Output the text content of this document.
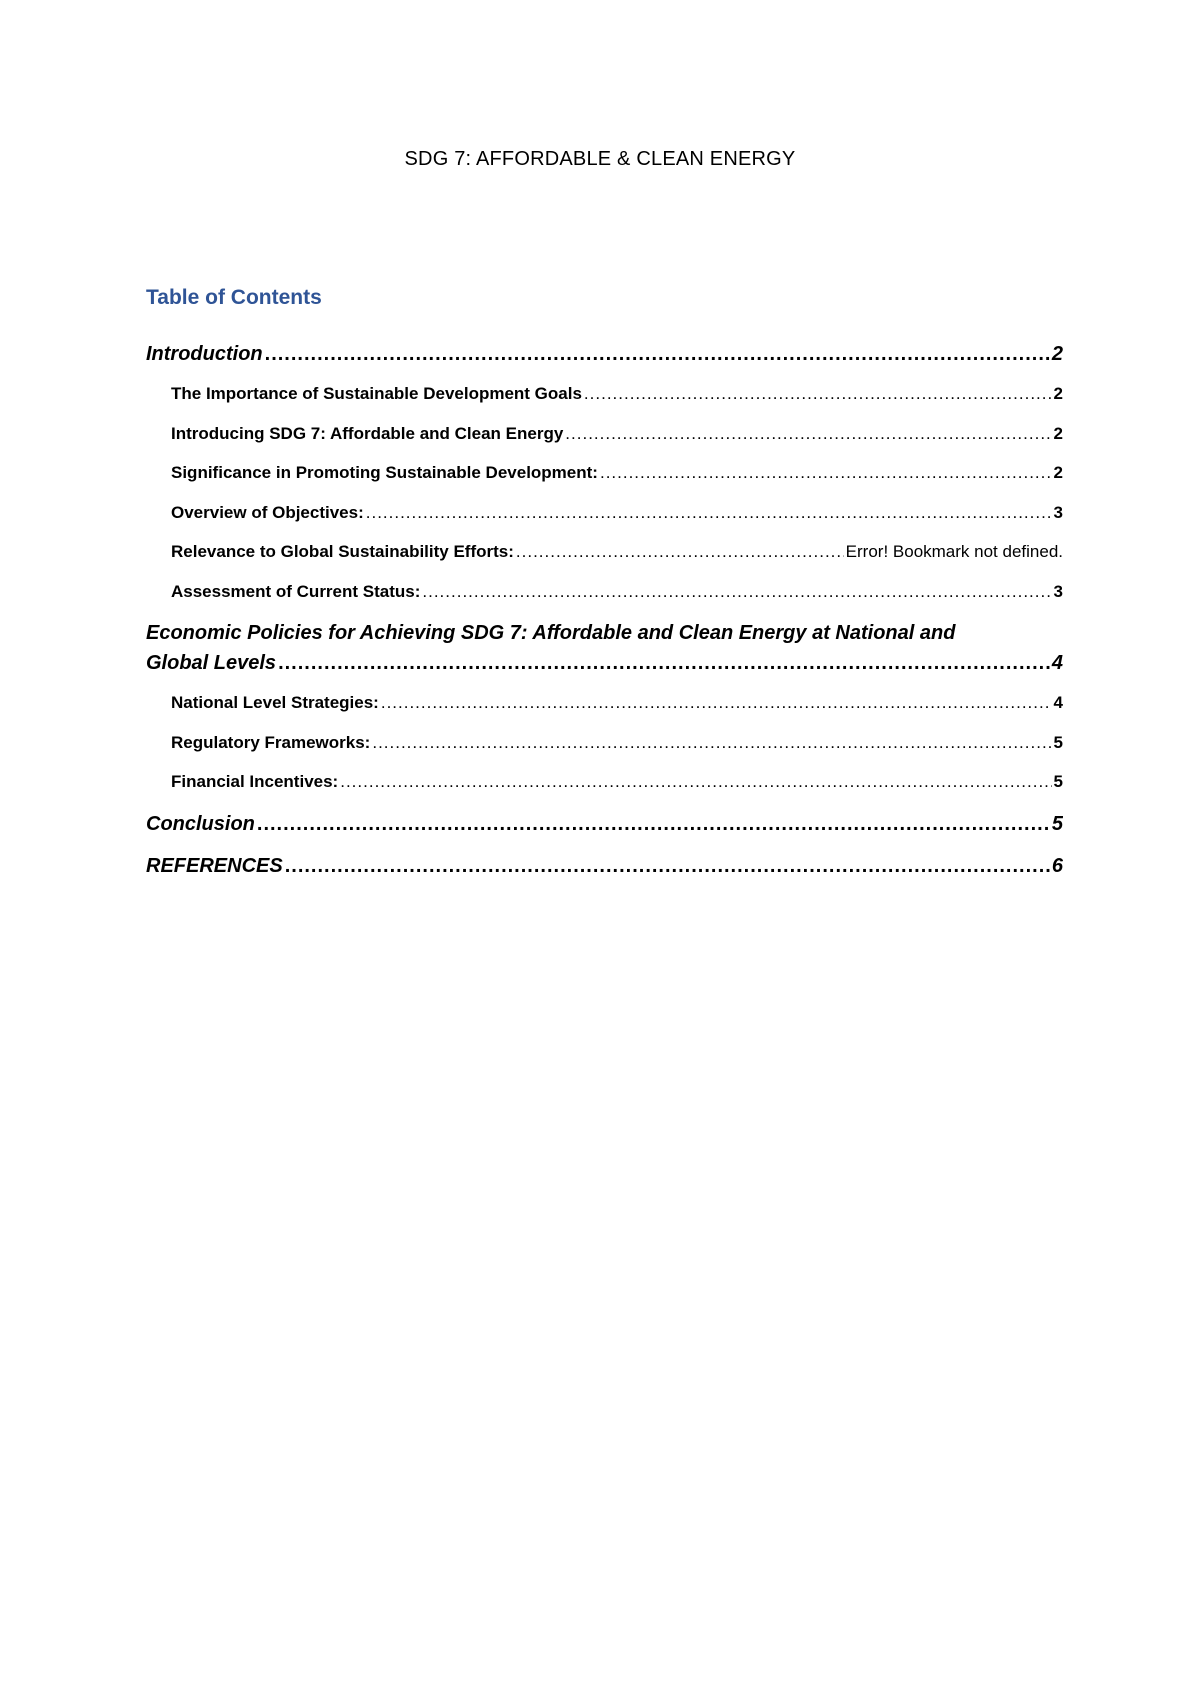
SDG 7: AFFORDABLE & CLEAN ENERGY
Table of Contents
Introduction .....	2
The Importance of Sustainable Development Goals .....	2
Introducing SDG 7: Affordable and Clean Energy .....	2
Significance in Promoting Sustainable Development: .....	2
Overview of Objectives: .....	3
Relevance to Global Sustainability Efforts: .....	Error! Bookmark not defined.
Assessment of Current Status: .....	3
Economic Policies for Achieving SDG 7: Affordable and Clean Energy at National and
Global Levels .....	4
National Level Strategies: .....	4
Regulatory Frameworks: .....	5
Financial Incentives: .....	5
Conclusion .....	5
REFERENCES .....	6
